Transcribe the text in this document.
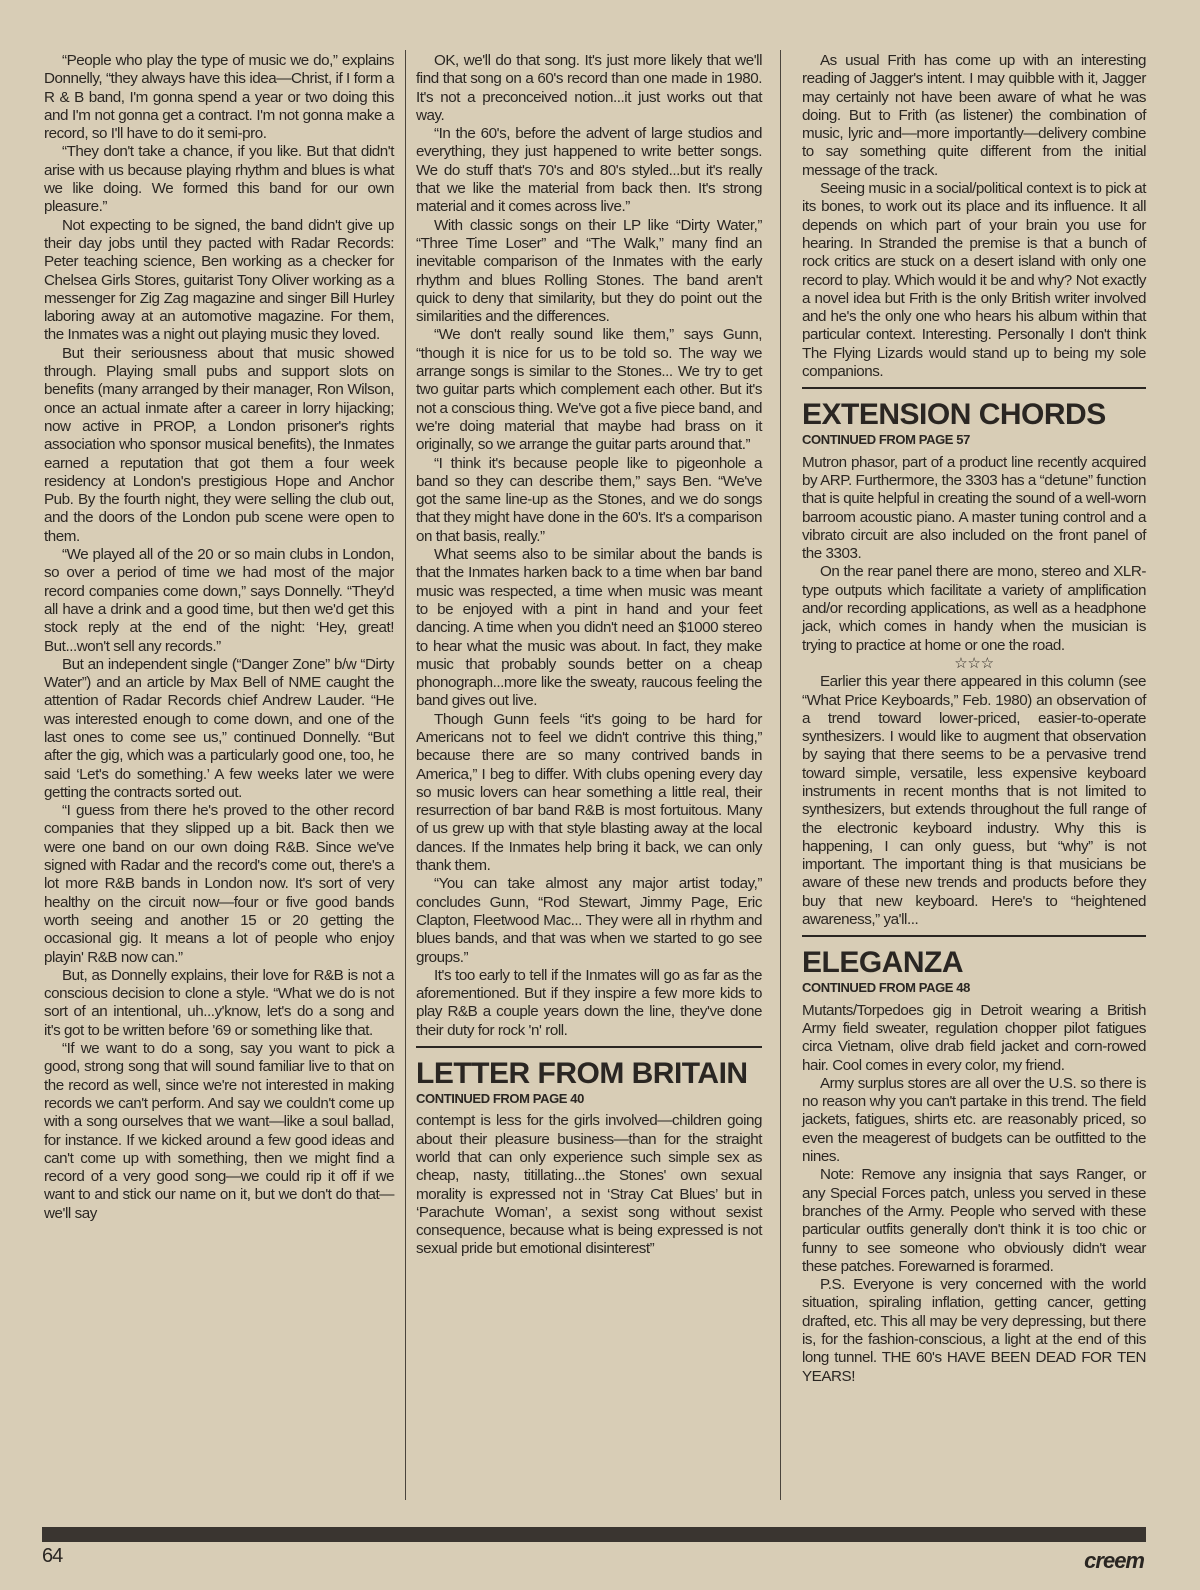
“People who play the type of music we do,” explains Donnelly, “they always have this idea—Christ, if I form a R & B band, I'm gonna spend a year or two doing this and I'm not gonna get a contract. I'm not gonna make a record, so I'll have to do it semi-pro.

“They don't take a chance, if you like. But that didn't arise with us because playing rhythm and blues is what we like doing. We formed this band for our own pleasure.”

Not expecting to be signed, the band didn't give up their day jobs until they pacted with Radar Records: Peter teaching science, Ben working as a checker for Chelsea Girls Stores, guitarist Tony Oliver working as a messenger for Zig Zag magazine and singer Bill Hurley laboring away at an automotive magazine. For them, the Inmates was a night out playing music they loved.

But their seriousness about that music showed through. Playing small pubs and support slots on benefits (many arranged by their manager, Ron Wilson, once an actual inmate after a career in lorry hijacking; now active in PROP, a London prisoner's rights association who sponsor musical benefits), the Inmates earned a reputation that got them a four week residency at London's prestigious Hope and Anchor Pub. By the fourth night, they were selling the club out, and the doors of the London pub scene were open to them.

“We played all of the 20 or so main clubs in London, so over a period of time we had most of the major record companies come down,” says Donnelly. “They'd all have a drink and a good time, but then we'd get this stock reply at the end of the night: ‘Hey, great! But...won't sell any records.”

But an independent single (“Danger Zone” b/w “Dirty Water”) and an article by Max Bell of NME caught the attention of Radar Records chief Andrew Lauder. “He was interested enough to come down, and one of the last ones to come see us,” continued Donnelly. “But after the gig, which was a particularly good one, too, he said ‘Let's do something.’ A few weeks later we were getting the contracts sorted out.

“I guess from there he's proved to the other record companies that they slipped up a bit. Back then we were one band on our own doing R&B. Since we've signed with Radar and the record's come out, there's a lot more R&B bands in London now. It's sort of very healthy on the circuit now—four or five good bands worth seeing and another 15 or 20 getting the occasional gig. It means a lot of people who enjoy playin' R&B now can.”

But, as Donnelly explains, their love for R&B is not a conscious decision to clone a style. “What we do is not sort of an intentional, uh...y'know, let's do a song and it's got to be written before '69 or something like that.

“If we want to do a song, say you want to pick a good, strong song that will sound familiar live to that on the record as well, since we're not interested in making records we can't perform. And say we couldn't come up with a song ourselves that we want—like a soul ballad, for instance. If we kicked around a few good ideas and can't come up with something, then we might find a record of a very good song—we could rip it off if we want to and stick our name on it, but we don't do that—we'll say

OK, we'll do that song. It's just more likely that we'll find that song on a 60's record than one made in 1980. It's not a preconceived notion...it just works out that way.

“In the 60's, before the advent of large studios and everything, they just happened to write better songs. We do stuff that's 70's and 80's styled...but it's really that we like the material from back then. It's strong material and it comes across live.”

With classic songs on their LP like “Dirty Water,” “Three Time Loser” and “The Walk,” many find an inevitable comparison of the Inmates with the early rhythm and blues Rolling Stones. The band aren't quick to deny that similarity, but they do point out the similarities and the differences.

“We don't really sound like them,” says Gunn, “though it is nice for us to be told so. The way we arrange songs is similar to the Stones... We try to get two guitar parts which complement each other. But it's not a conscious thing. We've got a five piece band, and we're doing material that maybe had brass on it originally, so we arrange the guitar parts around that.”

“I think it's because people like to pigeonhole a band so they can describe them,” says Ben. “We've got the same line-up as the Stones, and we do songs that they might have done in the 60's. It's a comparison on that basis, really.”

What seems also to be similar about the bands is that the Inmates harken back to a time when bar band music was respected, a time when music was meant to be enjoyed with a pint in hand and your feet dancing. A time when you didn't need an $1000 stereo to hear what the music was about. In fact, they make music that probably sounds better on a cheap phonograph...more like the sweaty, raucous feeling the band gives out live.

Though Gunn feels “it's going to be hard for Americans not to feel we didn't contrive this thing,” because there are so many contrived bands in America,” I beg to differ. With clubs opening every day so music lovers can hear something a little real, their resurrection of bar band R&B is most fortuitous. Many of us grew up with that style blasting away at the local dances. If the Inmates help bring it back, we can only thank them.

“You can take almost any major artist today,” concludes Gunn, “Rod Stewart, Jimmy Page, Eric Clapton, Fleetwood Mac... They were all in rhythm and blues bands, and that was when we started to go see groups.”

It's too early to tell if the Inmates will go as far as the aforementioned. But if they inspire a few more kids to play R&B a couple years down the line, they've done their duty for rock 'n' roll.

LETTER FROM BRITAIN
CONTINUED FROM PAGE 40

contempt is less for the girls involved—children going about their pleasure business—than for the straight world that can only experience such simple sex as cheap, nasty, titillating...the Stones' own sexual morality is expressed not in ‘Stray Cat Blues’ but in ‘Parachute Woman’, a sexist song without sexist consequence, because what is being expressed is not sexual pride but emotional disinterest”

As usual Frith has come up with an interesting reading of Jagger's intent. I may quibble with it, Jagger may certainly not have been aware of what he was doing. But to Frith (as listener) the combination of music, lyric and—more importantly—delivery combine to say something quite different from the initial message of the track.

Seeing music in a social/political context is to pick at its bones, to work out its place and its influence. It all depends on which part of your brain you use for hearing. In Stranded the premise is that a bunch of rock critics are stuck on a desert island with only one record to play. Which would it be and why? Not exactly a novel idea but Frith is the only British writer involved and he's the only one who hears his album within that particular context. Interesting. Personally I don't think The Flying Lizards would stand up to being my sole companions.

EXTENSION CHORDS
CONTINUED FROM PAGE 57

Mutron phasor, part of a product line recently acquired by ARP. Furthermore, the 3303 has a “detune” function that is quite helpful in creating the sound of a well-worn barroom acoustic piano. A master tuning control and a vibrato circuit are also included on the front panel of the 3303.

On the rear panel there are mono, stereo and XLR-type outputs which facilitate a variety of amplification and/or recording applications, as well as a headphone jack, which comes in handy when the musician is trying to practice at home or one the road.

☆☆☆

Earlier this year there appeared in this column (see “What Price Keyboards,” Feb. 1980) an observation of a trend toward lower-priced, easier-to-operate synthesizers. I would like to augment that observation by saying that there seems to be a pervasive trend toward simple, versatile, less expensive keyboard instruments in recent months that is not limited to synthesizers, but extends throughout the full range of the electronic keyboard industry. Why this is happening, I can only guess, but “why” is not important. The important thing is that musicians be aware of these new trends and products before they buy that new keyboard. Here's to “heightened awareness,” ya'll...

ELEGANZA
CONTINUED FROM PAGE 48

Mutants/Torpedoes gig in Detroit wearing a British Army field sweater, regulation chopper pilot fatigues circa Vietnam, olive drab field jacket and corn-rowed hair. Cool comes in every color, my friend.

Army surplus stores are all over the U.S. so there is no reason why you can't partake in this trend. The field jackets, fatigues, shirts etc. are reasonably priced, so even the meagerest of budgets can be outfitted to the nines.

Note: Remove any insignia that says Ranger, or any Special Forces patch, unless you served in these branches of the Army. People who served with these particular outfits generally don't think it is too chic or funny to see someone who obviously didn't wear these patches. Forewarned is forarmed.

P.S. Everyone is very concerned with the world situation, spiraling inflation, getting cancer, getting drafted, etc. This all may be very depressing, but there is, for the fashion-conscious, a light at the end of this long tunnel. THE 60's HAVE BEEN DEAD FOR TEN YEARS!

64	creem
